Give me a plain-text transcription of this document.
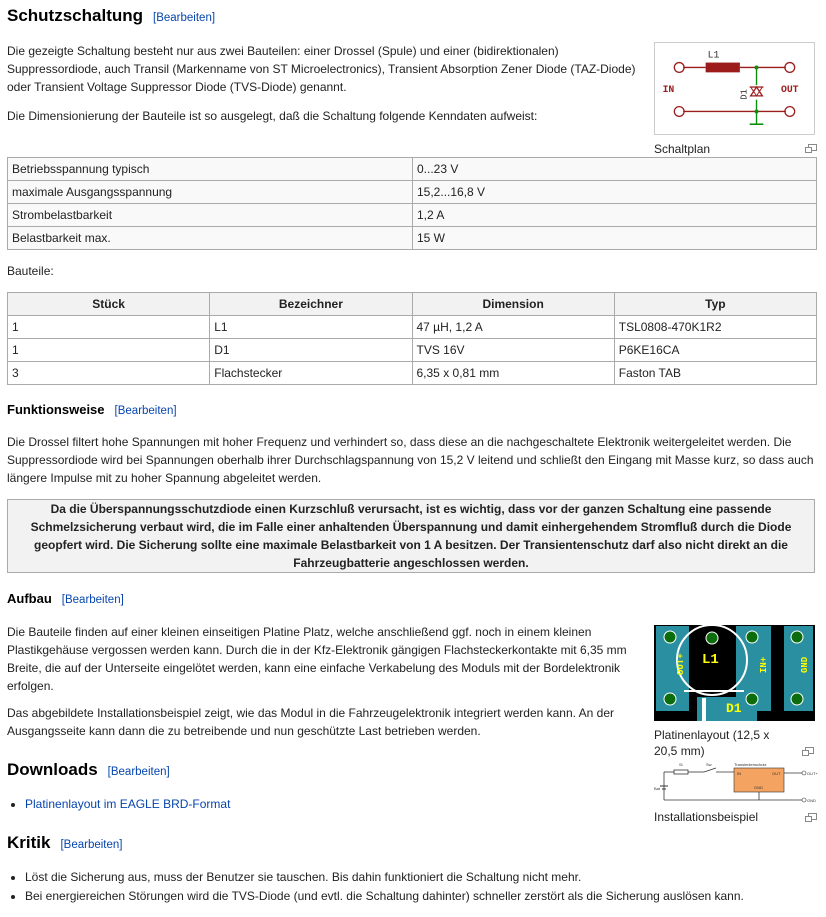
Schutzschaltung [Bearbeiten]

Die gezeigte Schaltung besteht nur aus zwei Bauteilen: einer Drossel (Spule) und einer (bidirektionalen) Suppressordiode, auch Transil (Markenname von ST Microelectronics), Transient Absorption Zener Diode (TAZ-Diode) oder Transient Voltage Suppressor Diode (TVS-Diode) genannt.

Die Dimensionierung der Bauteile ist so ausgelegt, daß die Schaltung folgende Kenndaten aufweist:

L1
IN	OUT
D1
Schaltplan
Betriebsspannung typisch	0...23 V
maximale Ausgangsspannung	15,2...16,8 V
Strombelastbarkeit	1,2 A
Belastbarkeit max.	15 W

Bauteile:

Stück	Bezeichner	Dimension	Typ
1	L1	47 µH, 1,2 A	TSL0808-470K1R2
1	D1	TVS 16V	P6KE16CA
3	Flachstecker	6,35 x 0,81 mm	Faston TAB
Funktionsweise [Bearbeiten]

Die Drossel filtert hohe Spannungen mit hoher Frequenz und verhindert so, dass diese an die nachgeschaltete Elektronik weitergeleitet werden. Die Suppressordiode wird bei Spannungen oberhalb ihrer Durchschlagspannung von 15,2 V leitend und schließt den Eingang mit Masse kurz, so dass auch längere Impulse mit zu hoher Spannung abgeleitet werden.

Da die Überspannungsschutzdiode einen Kurzschluß verursacht, ist es wichtig, dass vor der ganzen Schaltung eine passende Schmelzsicherung verbaut wird, die im Falle einer anhaltenden Überspannung und damit einhergehendem Stromfluß durch die Diode geopfert wird. Die Sicherung sollte eine maximale Belastbarkeit von 1 A besitzen. Der Transientenschutz darf also nicht direkt an die Fahrzeugbatterie angeschlossen werden.
Aufbau [Bearbeiten]

Die Bauteile finden auf einer kleinen einseitigen Platine Platz, welche anschließend ggf. noch in einem kleinen Plastikgehäuse vergossen werden kann. Durch die in der Kfz-Elektronik gängigen Flachsteckerkontakte mit 6,35 mm Breite, die auf der Unterseite eingelötet werden, kann eine einfache Verkabelung des Moduls mit der Bordelektronik erfolgen.

Das abgebildete Installationsbeispiel zeigt, wie das Modul in die Fahrzeugelektronik integriert werden kann. An der Ausgangsseite kann dann die zu betreibende und nun geschützte Last betrieben werden.

L1
D1
OUT+	IN+	GND
Platinenlayout (12,5 x 20,5 mm)
Si	Sw	Transientenschutz
IN	OUT
GND
Bat
OUT+
GND
Installationsbeispiel
Downloads [Bearbeiten]
• Platinenlayout im EAGLE BRD-Format
Kritik [Bearbeiten]
• Löst die Sicherung aus, muss der Benutzer sie tauschen. Bis dahin funktioniert die Schaltung nicht mehr.
• Bei energiereichen Störungen wird die TVS-Diode (und evtl. die Schaltung dahinter) schneller zerstört als die Sicherung auslösen kann.
